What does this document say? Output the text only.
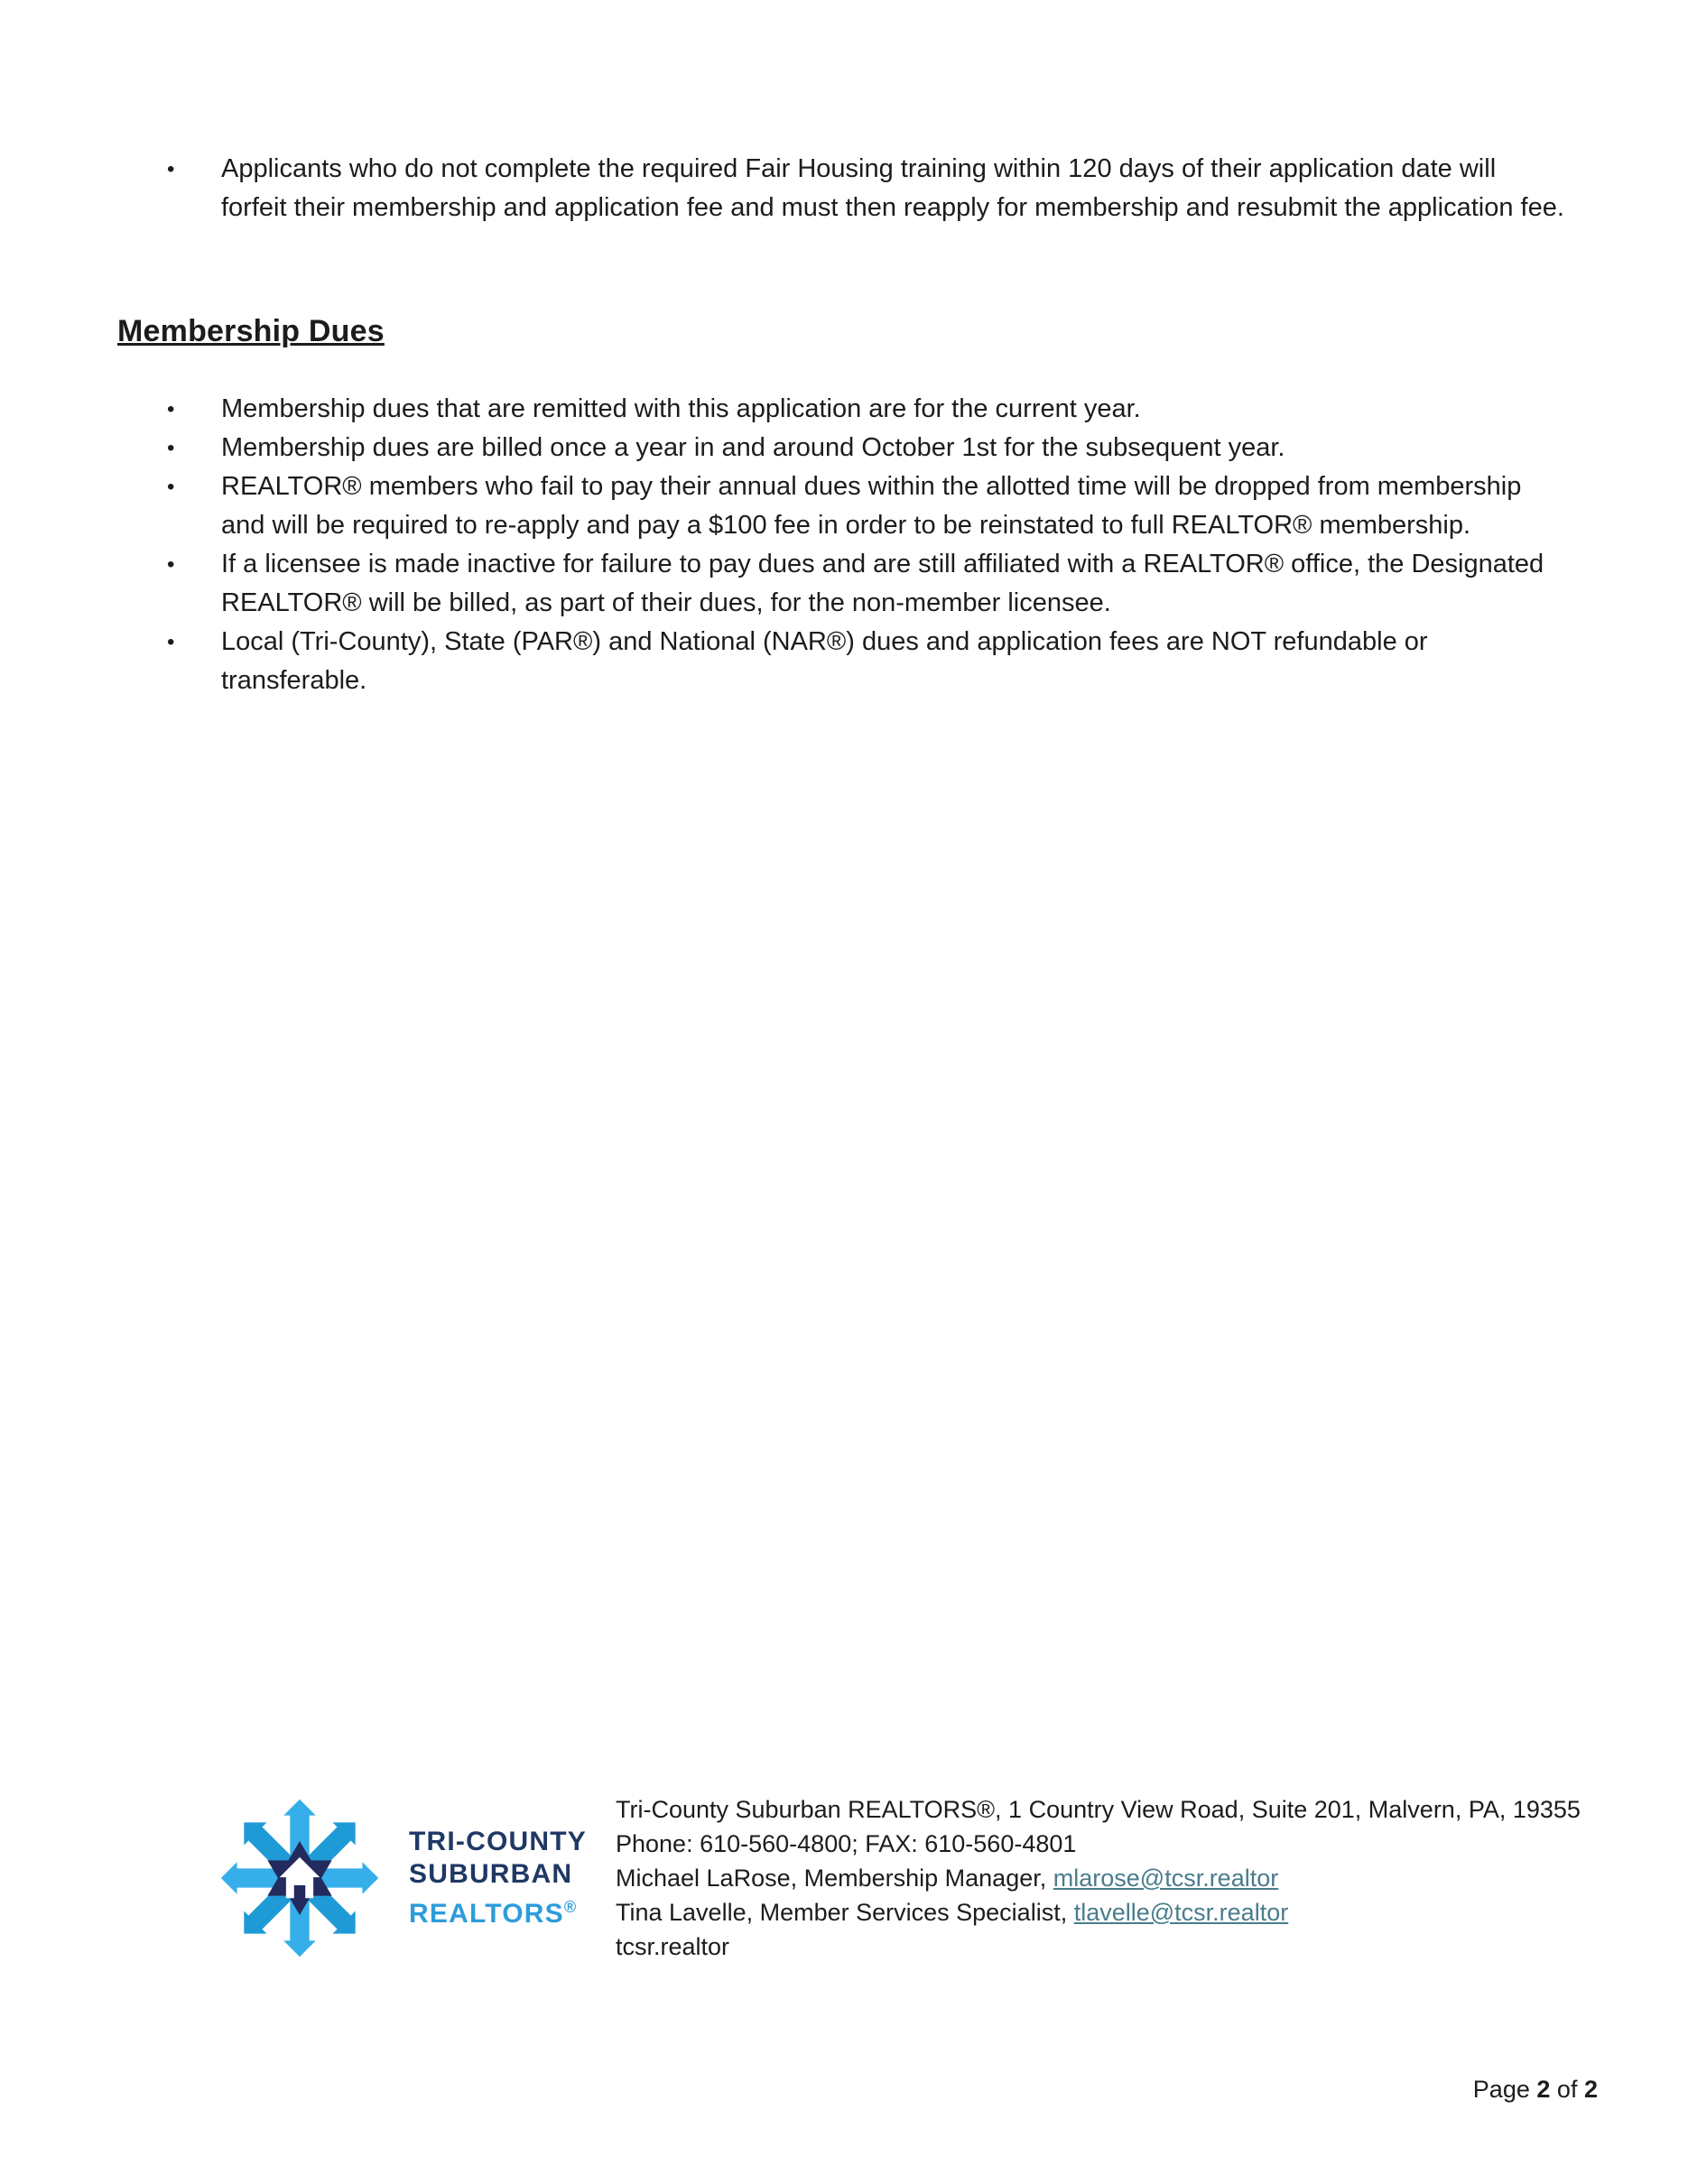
•	Applicants who do not complete the required Fair Housing training within 120 days of their application date will forfeit their membership and application fee and must then reapply for membership and resubmit the application fee.
Membership Dues
•	Membership dues that are remitted with this application are for the current year.
•	Membership dues are billed once a year in and around October 1st for the subsequent year.
•	REALTOR® members who fail to pay their annual dues within the allotted time will be dropped from membership and will be required to re-apply and pay a $100 fee in order to be reinstated to full REALTOR® membership.
•	If a licensee is made inactive for failure to pay dues and are still affiliated with a REALTOR® office, the Designated REALTOR® will be billed, as part of their dues, for the non-member licensee.
•	Local (Tri-County), State (PAR®) and National (NAR®) dues and application fees are NOT refundable or transferable.
TRI-COUNTY
SUBURBAN
REALTORS®
Tri-County Suburban REALTORS®, 1 Country View Road, Suite 201, Malvern, PA, 19355
Phone: 610-560-4800; FAX: 610-560-4801
Michael LaRose, Membership Manager, mlarose@tcsr.realtor
Tina Lavelle, Member Services Specialist, tlavelle@tcsr.realtor
tcsr.realtor
Page 2 of 2
